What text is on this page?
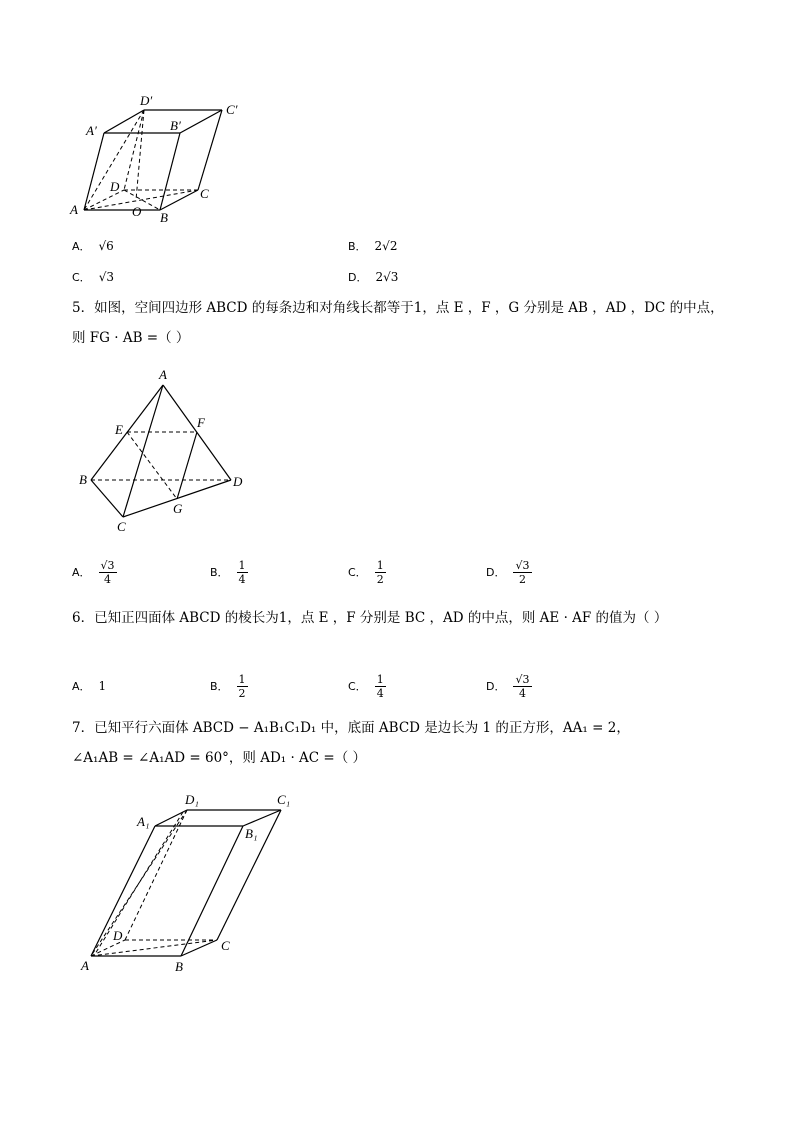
D′
C′
A′	B′
D	C
A	O B
A． √6	B． 2√2
C． √3	D． 2√3
5．如图，空间四边形 ABCD 的每条边和对角线长都等于1，点 E ，F ，G 分别是 AB ，AD ，DC 的中点，
则 FG · AB =（ ）
A
E	F
B	D
C
G
A． $\frac{√3}{4}$	B． $\frac{1}{4}$	C． $\frac{1}{2}$	D． $\frac{√3}{2}$
6．已知正四面体 ABCD 的棱长为1，点 E ，F 分别是 BC ，AD 的中点，则 AE · AF 的值为（ ）
A． 1	B． $\frac{1}{2}$	C． $\frac{1}{4}$	D． $\frac{√3}{4}$
7．已知平行六面体 ABCD − A₁B₁C₁D₁ 中，底面 ABCD 是边长为 1 的正方形，AA₁ = 2，
∠A₁AB = ∠A₁AD = 60°，则 AD₁ · AC =（ ）
D₁	C₁
A₁
B₁
D
C
A	B
